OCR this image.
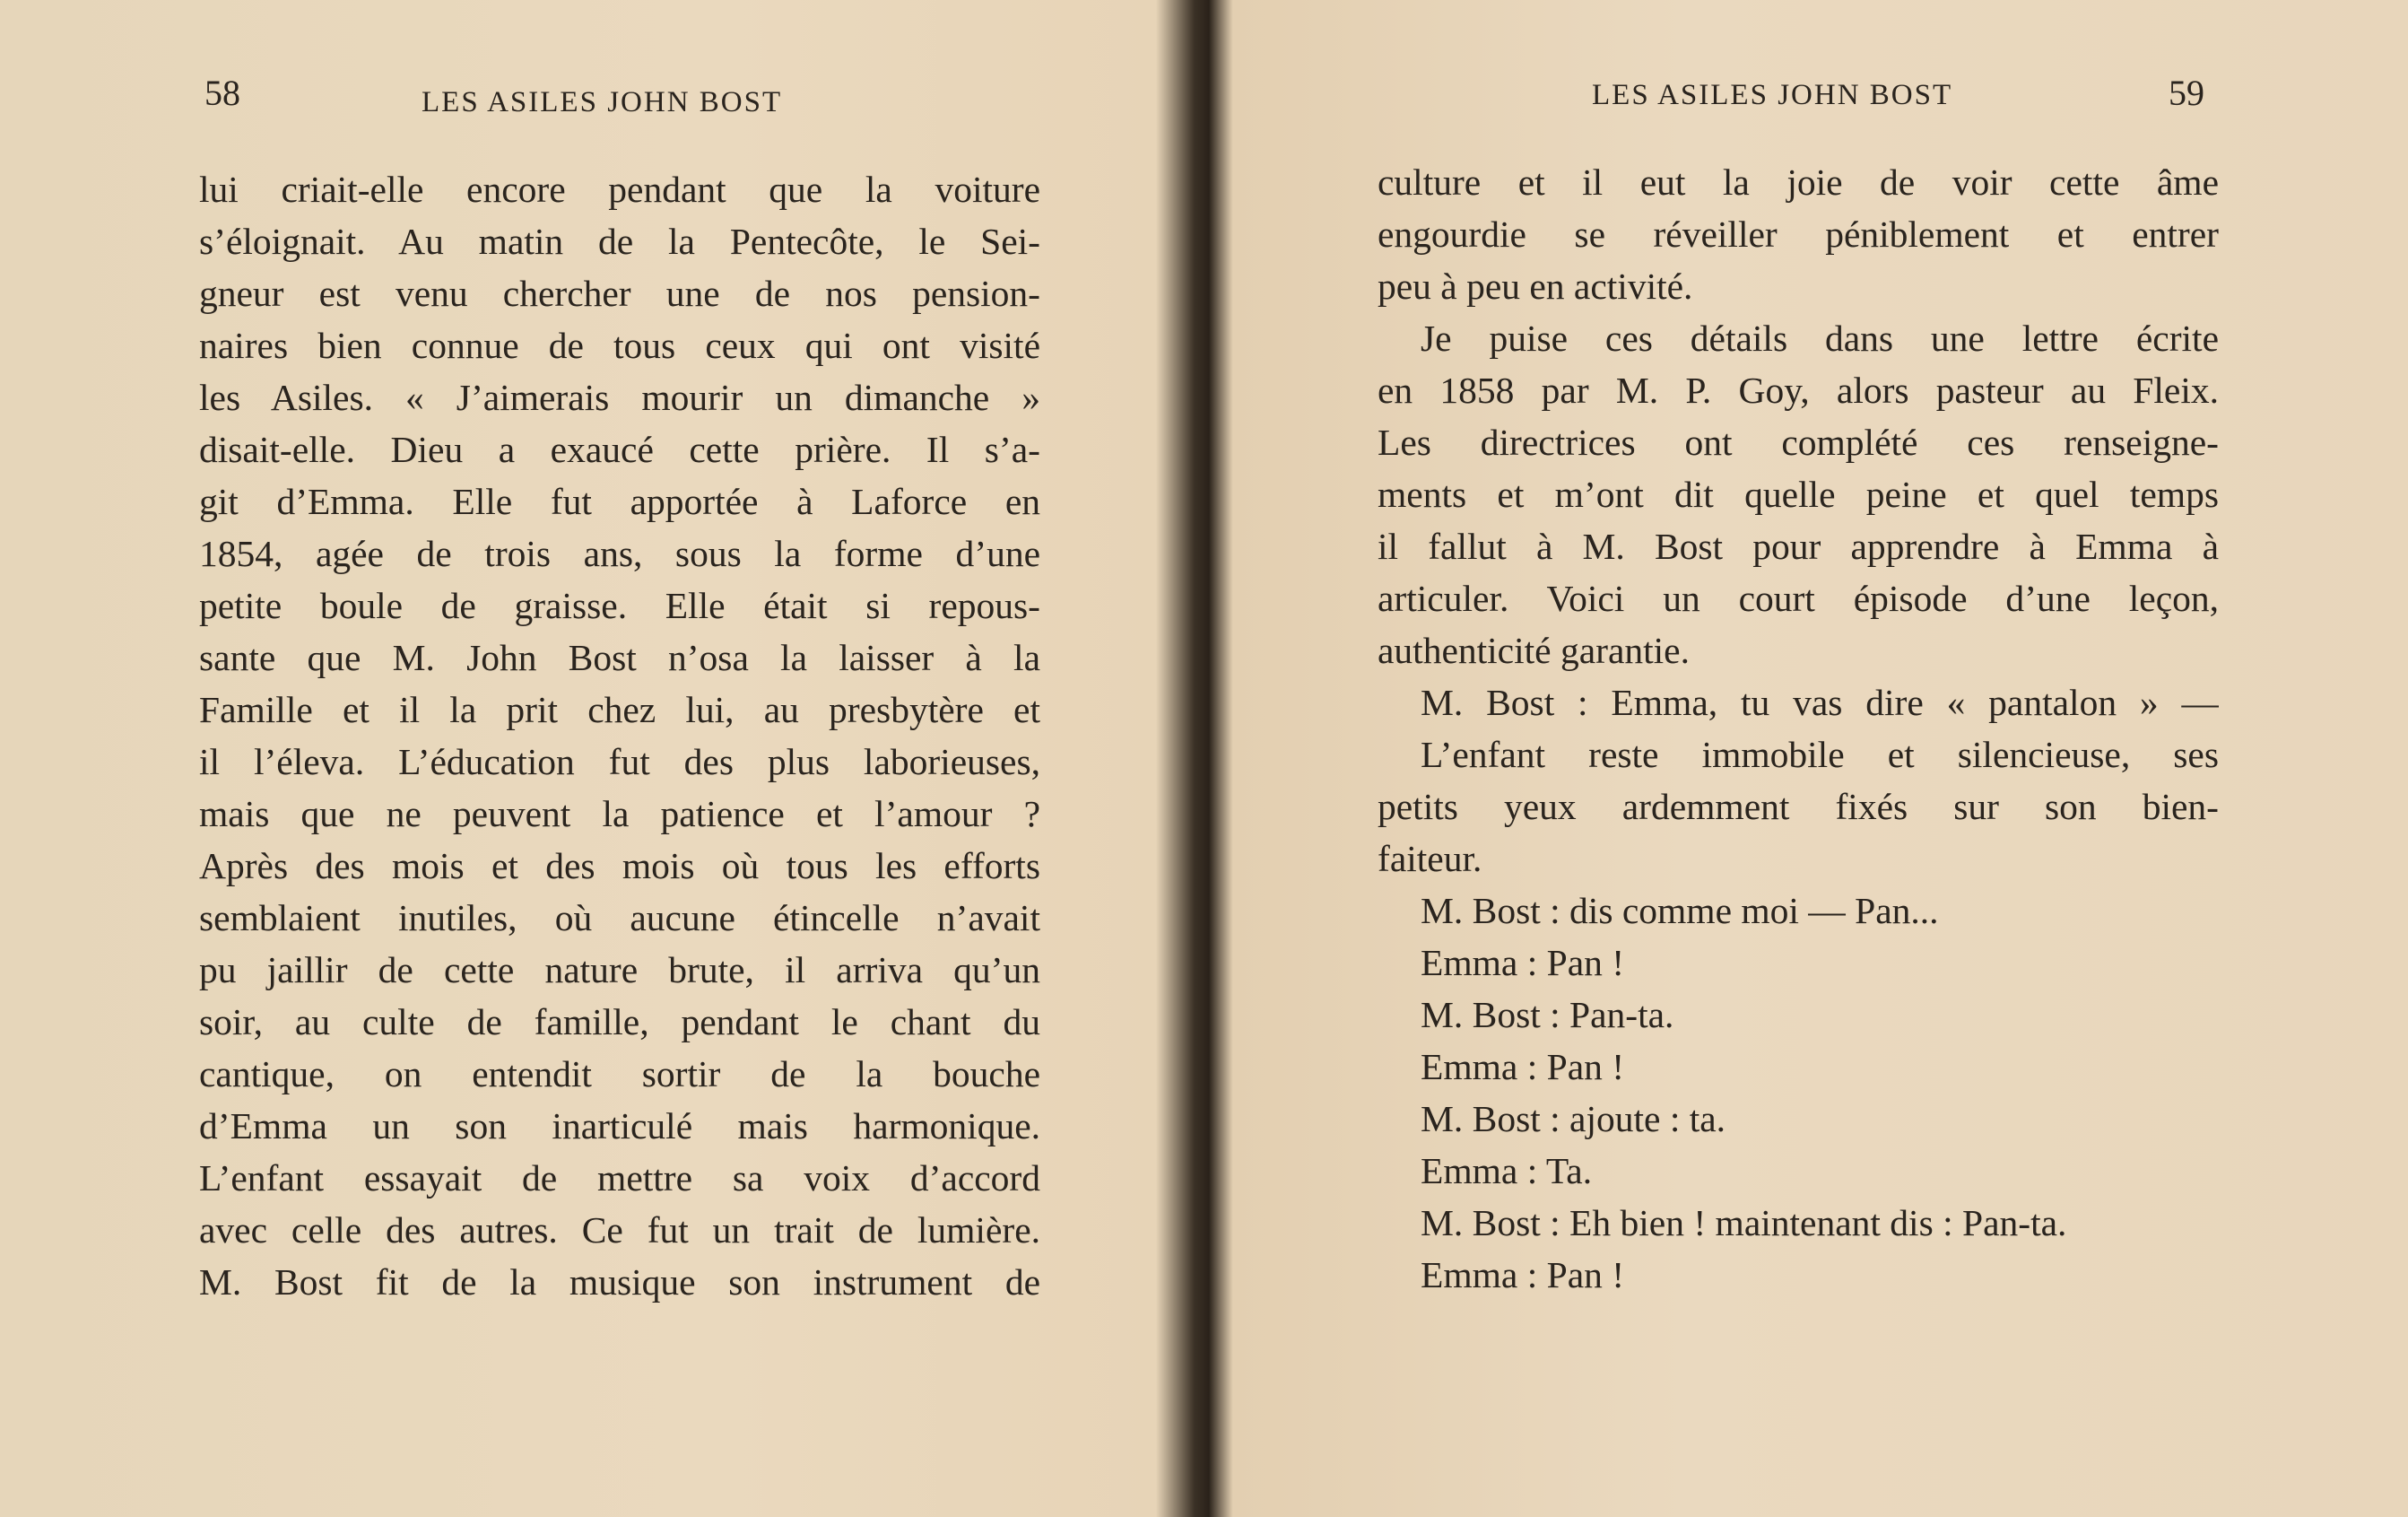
58	LES ASILES JOHN BOST
lui criait-elle encore pendant que la voiture
s’éloignait. Au matin de la Pentecôte, le Sei-
gneur est venu chercher une de nos pension-
naires bien connue de tous ceux qui ont visité
les Asiles. « J’aimerais mourir un dimanche »
disait-elle. Dieu a exaucé cette prière. Il s’a-
git d’Emma. Elle fut apportée à Laforce en
1854, agée de trois ans, sous la forme d’une
petite boule de graisse. Elle était si repous-
sante que M. John Bost n’osa la laisser à la
Famille et il la prit chez lui, au presbytère et
il l’éleva. L’éducation fut des plus laborieuses,
mais que ne peuvent la patience et l’amour ?
Après des mois et des mois où tous les efforts
semblaient inutiles, où aucune étincelle n’avait
pu jaillir de cette nature brute, il arriva qu’un
soir, au culte de famille, pendant le chant du
cantique, on entendit sortir de la bouche
d’Emma un son inarticulé mais harmonique.
L’enfant essayait de mettre sa voix d’accord
avec celle des autres. Ce fut un trait de lumière.
M. Bost fit de la musique son instrument de
LES ASILES JOHN BOST	59
culture et il eut la joie de voir cette âme
engourdie se réveiller péniblement et entrer
peu à peu en activité.
Je puise ces détails dans une lettre écrite
en 1858 par M. P. Goy, alors pasteur au Fleix.
Les directrices ont complété ces renseigne-
ments et m’ont dit quelle peine et quel temps
il fallut à M. Bost pour apprendre à Emma à
articuler. Voici un court épisode d’une leçon,
authenticité garantie.
M. Bost : Emma, tu vas dire « pantalon » —
L’enfant reste immobile et silencieuse, ses
petits yeux ardemment fixés sur son bien-
faiteur.
M. Bost : dis comme moi — Pan...
Emma : Pan !
M. Bost : Pan-ta.
Emma : Pan !
M. Bost : ajoute : ta.
Emma : Ta.
M. Bost : Eh bien ! maintenant dis : Pan-ta.
Emma : Pan !
